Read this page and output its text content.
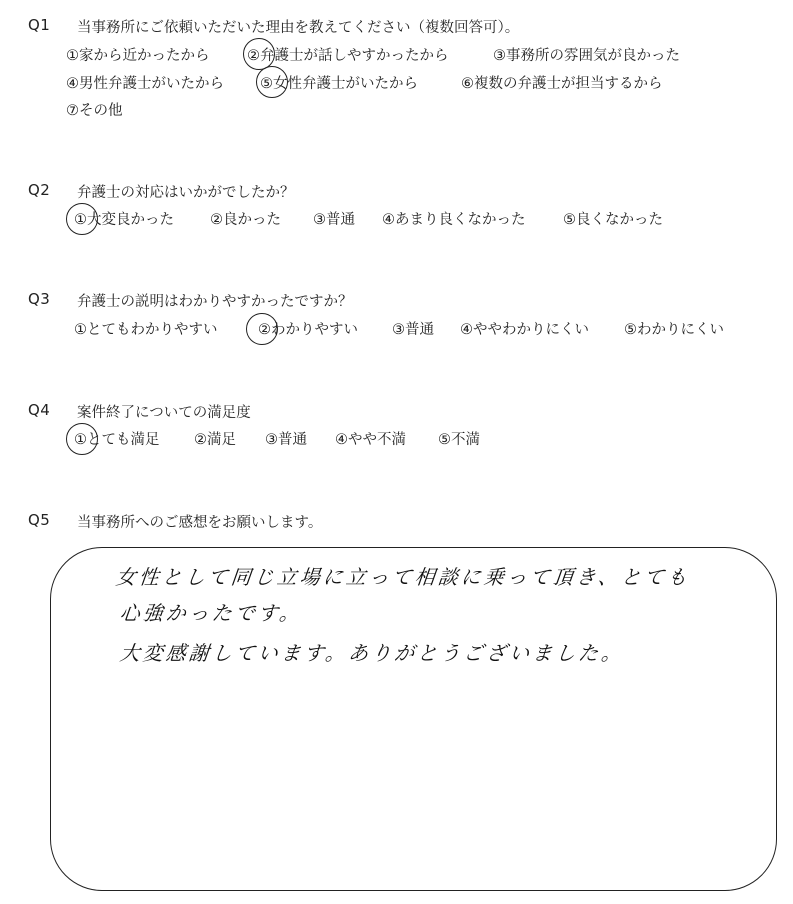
Q1 当事務所にご依頼いただいた理由を教えてください（複数回答可）。
①家から近かったから	②弁護士が話しやすかったから	③事務所の雰囲気が良かった
④男性弁護士がいたから ⑤女性弁護士がいたから	⑥複数の弁護士が担当するから
⑦その他
Q2 弁護士の対応はいかがでしたか？
①大変良かった ②良かった ③普通 ④あまり良くなかった	⑤良くなかった
Q3 弁護士の説明はわかりやすかったですか？
①とてもわかりやすい	②わかりやすい ③普通 ④ややわかりにくい ⑤わかりにくい
Q4 案件終了についての満足度
①とても満足 ②満足 ③普通 ④やや不満 ⑤不満
Q5 当事務所へのご感想をお願いします。
女性として同じ立場に立って相談に乗って頂き、とても
心強かったです。
大変感謝しています。ありがとうございました。
